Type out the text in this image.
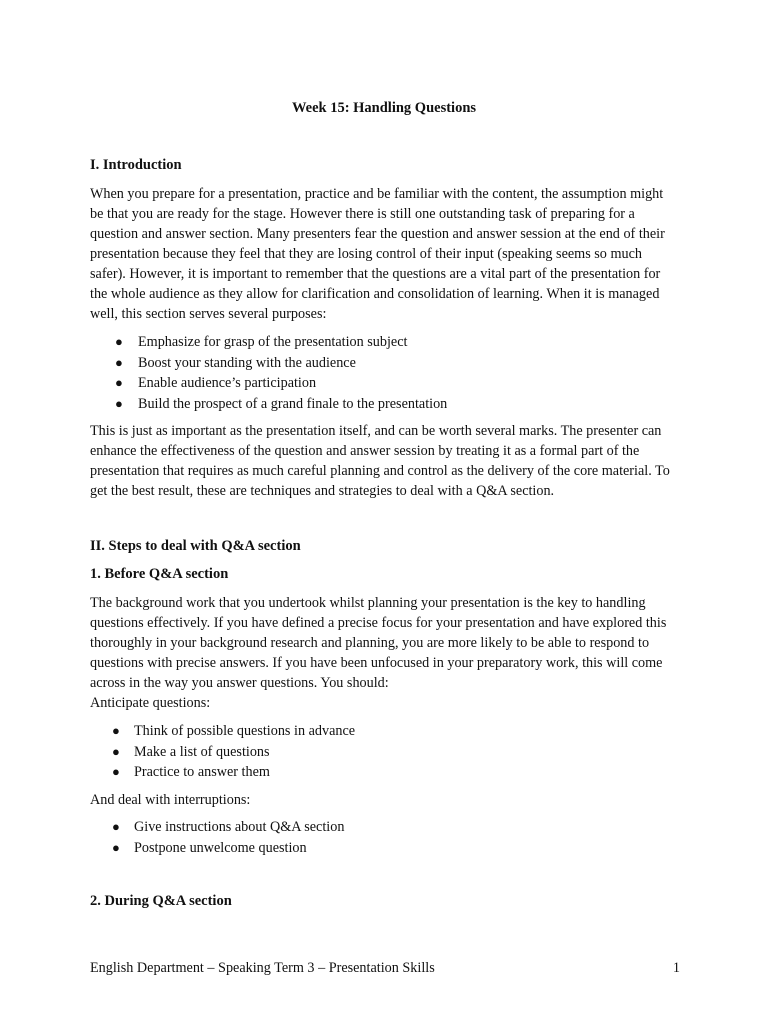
Week 15: Handling Questions

I. Introduction

When you prepare for a presentation, practice and be familiar with the content, the assumption might be that you are ready for the stage. However there is still one outstanding task of preparing for a question and answer section. Many presenters fear the question and answer session at the end of their presentation because they feel that they are losing control of their input (speaking seems so much safer). However, it is important to remember that the questions are a vital part of the presentation for the whole audience as they allow for clarification and consolidation of learning. When it is managed well, this section serves several purposes:

● Emphasize for grasp of the presentation subject
● Boost your standing with the audience
● Enable audience’s participation
● Build the prospect of a grand finale to the presentation

This is just as important as the presentation itself, and can be worth several marks. The presenter can enhance the effectiveness of the question and answer session by treating it as a formal part of the presentation that requires as much careful planning and control as the delivery of the core material. To get the best result, these are techniques and strategies to deal with a Q&A section.

II. Steps to deal with Q&A section

1. Before Q&A section

The background work that you undertook whilst planning your presentation is the key to handling questions effectively. If you have defined a precise focus for your presentation and have explored this thoroughly in your background research and planning, you are more likely to be able to respond to questions with precise answers. If you have been unfocused in your preparatory work, this will come across in the way you answer questions. You should:

Anticipate questions:

● Think of possible questions in advance
● Make a list of questions
● Practice to answer them

And deal with interruptions:

● Give instructions about Q&A section
● Postpone unwelcome question

2. During Q&A section

English Department – Speaking Term 3 – Presentation Skills	1
